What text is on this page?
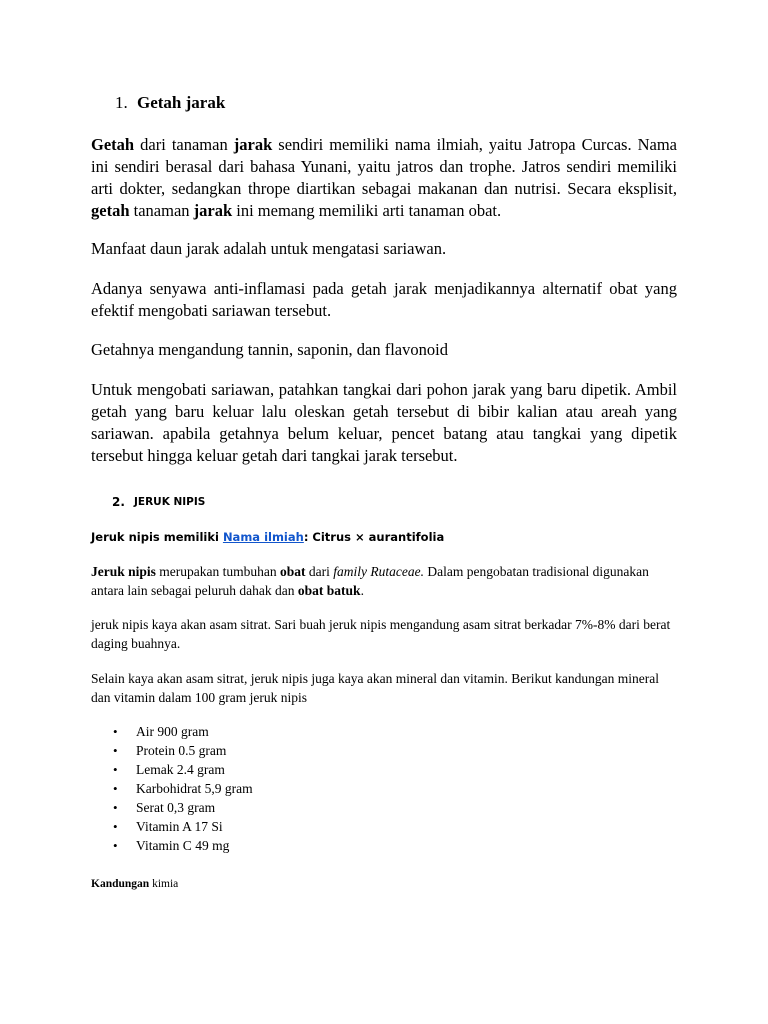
1. Getah jarak

Getah dari tanaman jarak sendiri memiliki nama ilmiah, yaitu Jatropa Curcas. Nama ini sendiri berasal dari bahasa Yunani, yaitu jatros dan trophe. Jatros sendiri memiliki arti dokter, sedangkan thrope diartikan sebagai makanan dan nutrisi. Secara eksplisit, getah tanaman jarak ini memang memiliki arti tanaman obat.

Manfaat daun jarak adalah untuk mengatasi sariawan.

Adanya senyawa anti-inflamasi pada getah jarak menjadikannya alternatif obat yang efektif mengobati sariawan tersebut.

Getahnya mengandung tannin, saponin, dan flavonoid

Untuk mengobati sariawan, patahkan tangkai dari pohon jarak yang baru dipetik. Ambil getah yang baru keluar lalu oleskan getah tersebut di bibir kalian atau areah yang sariawan. apabila getahnya belum keluar, pencet batang atau tangkai yang dipetik tersebut hingga keluar getah dari tangkai jarak tersebut.

2. JERUK NIPIS

Jeruk nipis memiliki Nama ilmiah: Citrus × aurantifolia

Jeruk nipis merupakan tumbuhan obat dari family Rutaceae. Dalam pengobatan tradisional digunakan antara lain sebagai peluruh dahak dan obat batuk.

jeruk nipis kaya akan asam sitrat. Sari buah jeruk nipis mengandung asam sitrat berkadar 7%-8% dari berat daging buahnya.

Selain kaya akan asam sitrat, jeruk nipis juga kaya akan mineral dan vitamin. Berikut kandungan mineral dan vitamin dalam 100 gram jeruk nipis

• Air 900 gram
• Protein 0.5 gram
• Lemak 2.4 gram
• Karbohidrat 5,9 gram
• Serat 0,3 gram
• Vitamin A 17 Si
• Vitamin C 49 mg

Kandungan kimia
